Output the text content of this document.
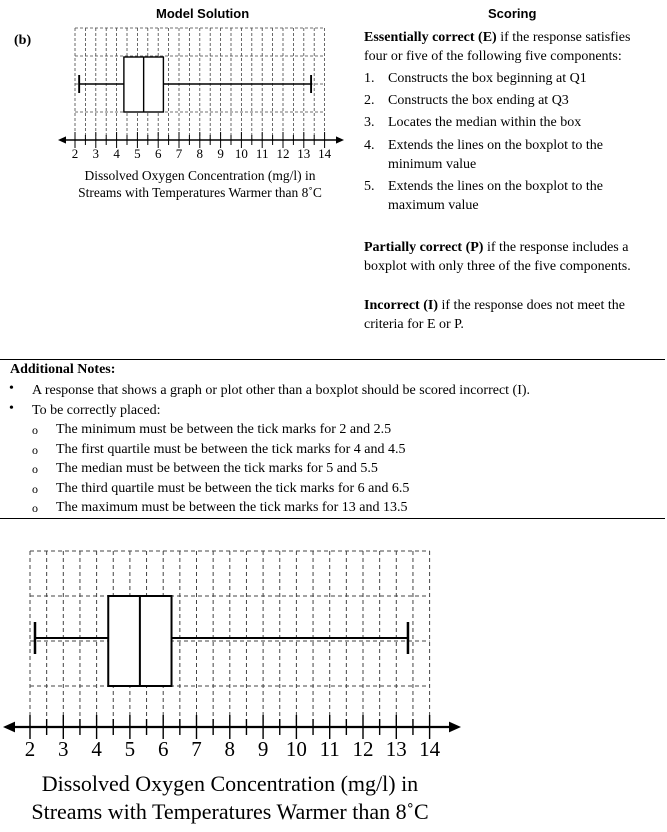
Model Solution	Scoring
(b)
2 3 4 5 6 7 8 9 10 11 12 13 14
Dissolved Oxygen Concentration (mg/l) in
Streams with Temperatures Warmer than 8˚C
Essentially correct (E) if the response satisfies four or five of the following five components:
1. Constructs the box beginning at Q1
2. Constructs the box ending at Q3
3. Locates the median within the box
4. Extends the lines on the boxplot to the minimum value
5. Extends the lines on the boxplot to the maximum value
Partially correct (P) if the response includes a boxplot with only three of the five components.
Incorrect (I) if the response does not meet the criteria for E or P.
Additional Notes:
• A response that shows a graph or plot other than a boxplot should be scored incorrect (I).
• To be correctly placed:
o The minimum must be between the tick marks for 2 and 2.5
o The first quartile must be between the tick marks for 4 and 4.5
o The median must be between the tick marks for 5 and 5.5
o The third quartile must be between the tick marks for 6 and 6.5
o The maximum must be between the tick marks for 13 and 13.5
2 3 4 5 6 7 8 9 10 11 12 13 14
Dissolved Oxygen Concentration (mg/l) in
Streams with Temperatures Warmer than 8˚C
